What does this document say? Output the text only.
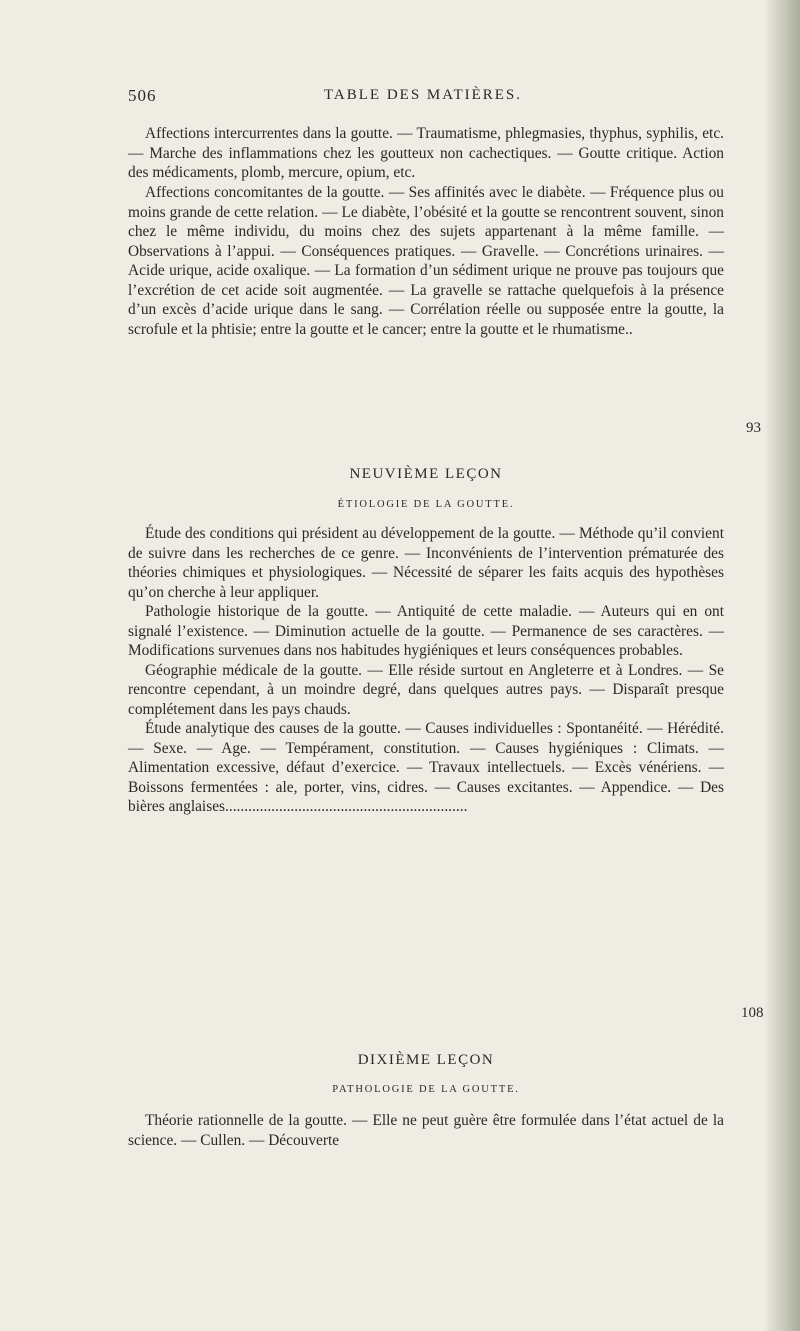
506	TABLE DES MATIÈRES.

Affections intercurrentes dans la goutte. — Traumatisme, phlegmasies, thyphus, syphilis, etc. — Marche des inflammations chez les goutteux non cachectiques. — Goutte critique. Action des médicaments, plomb, mercure, opium, etc.

Affections concomitantes de la goutte. — Ses affinités avec le diabète. — Fréquence plus ou moins grande de cette relation. — Le diabète, l’obésité et la goutte se rencontrent souvent, sinon chez le même individu, du moins chez des sujets appartenant à la même famille. — Observations à l’appui. — Conséquences pratiques. — Gravelle. — Concrétions urinaires. — Acide urique, acide oxalique. — La formation d’un sédiment urique ne prouve pas toujours que l’excrétion de cet acide soit augmentée. — La gravelle se rattache quelquefois à la présence d’un excès d’acide urique dans le sang. — Corrélation réelle ou supposée entre la goutte, la scrofule et la phtisie; entre la goutte et le cancer; entre la goutte et le rhumatisme..

93
NEUVIÈME LEÇON
ÉTIOLOGIE DE LA GOUTTE.

Étude des conditions qui président au développement de la goutte. — Méthode qu’il convient de suivre dans les recherches de ce genre. — Inconvénients de l’intervention prématurée des théories chimiques et physiologiques. — Nécessité de séparer les faits acquis des hypothèses qu’on cherche à leur appliquer.

Pathologie historique de la goutte. — Antiquité de cette maladie. — Auteurs qui en ont signalé l’existence. — Diminution actuelle de la goutte. — Permanence de ses caractères. — Modifications survenues dans nos habitudes hygiéniques et leurs conséquences probables.

Géographie médicale de la goutte. — Elle réside surtout en Angleterre et à Londres. — Se rencontre cependant, à un moindre degré, dans quelques autres pays. — Disparaît presque complétement dans les pays chauds.

Étude analytique des causes de la goutte. — Causes individuelles : Spontanéité. — Hérédité. — Sexe. — Age. — Tempérament, constitution. — Causes hygiéniques : Climats. — Alimentation excessive, défaut d’exercice. — Travaux intellectuels. — Excès vénériens. — Boissons fermentées : ale, porter, vins, cidres. — Causes excitantes. — Appendice. — Des bières anglaises...............................................................

108
DIXIÈME LEÇON
PATHOLOGIE DE LA GOUTTE.

Théorie rationnelle de la goutte. — Elle ne peut guère être formulée dans l’état actuel de la science. — Cullen. — Découverte
